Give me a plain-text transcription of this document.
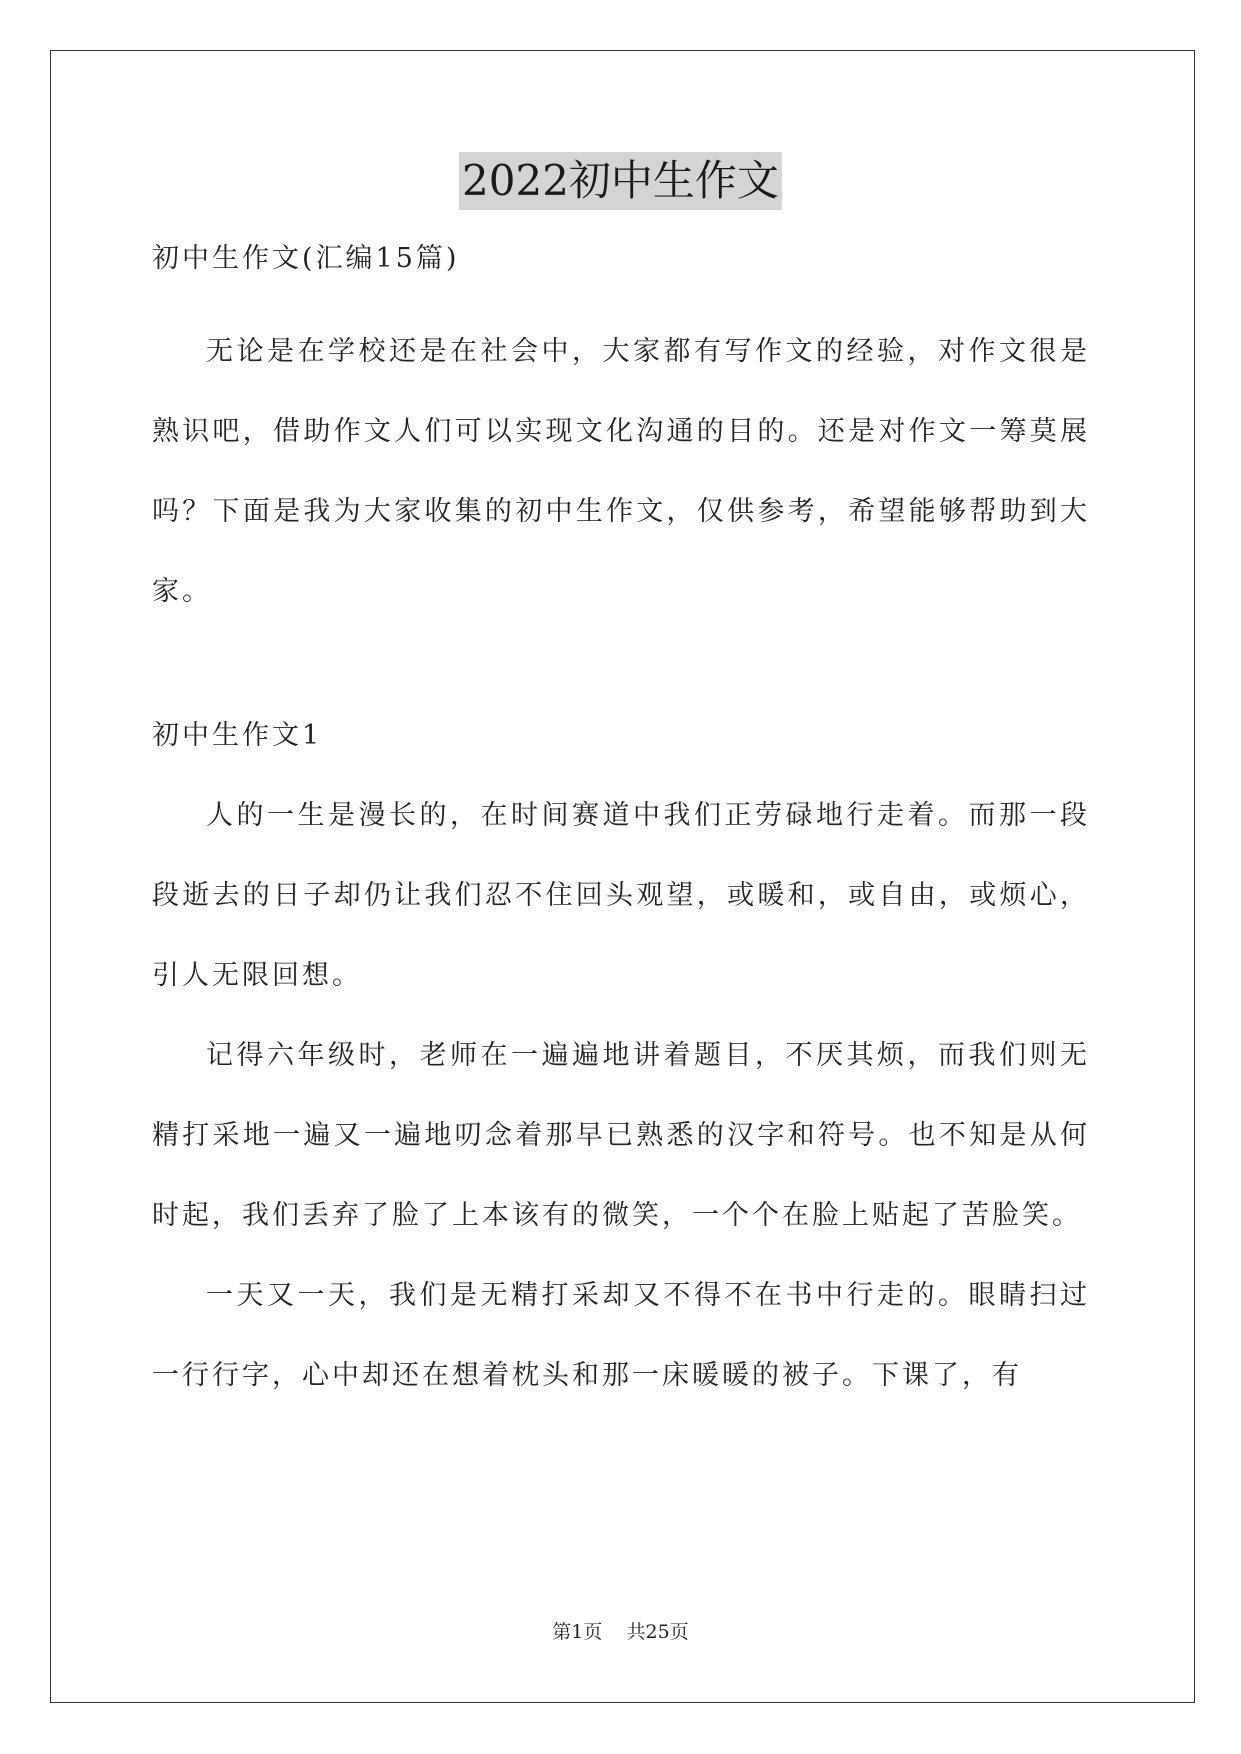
2022初中生作文

初中生作文(汇编15篇)

无论是在学校还是在社会中，大家都有写作文的经验，对作文很是熟识吧，借助作文人们可以实现文化沟通的目的。还是对作文一筹莫展吗？下面是我为大家收集的初中生作文，仅供参考，希望能够帮助到大家。

初中生作文1

人的一生是漫长的，在时间赛道中我们正劳碌地行走着。而那一段段逝去的日子却仍让我们忍不住回头观望，或暖和，或自由，或烦心，引人无限回想。

记得六年级时，老师在一遍遍地讲着题目，不厌其烦，而我们则无精打采地一遍又一遍地叨念着那早已熟悉的汉字和符号。也不知是从何时起，我们丢弃了脸了上本该有的微笑，一个个在脸上贴起了苦脸笑。

一天又一天，我们是无精打采却又不得不在书中行走的。眼睛扫过一行行字，心中却还在想着枕头和那一床暖暖的被子。下课了，有

第1页 共25页
